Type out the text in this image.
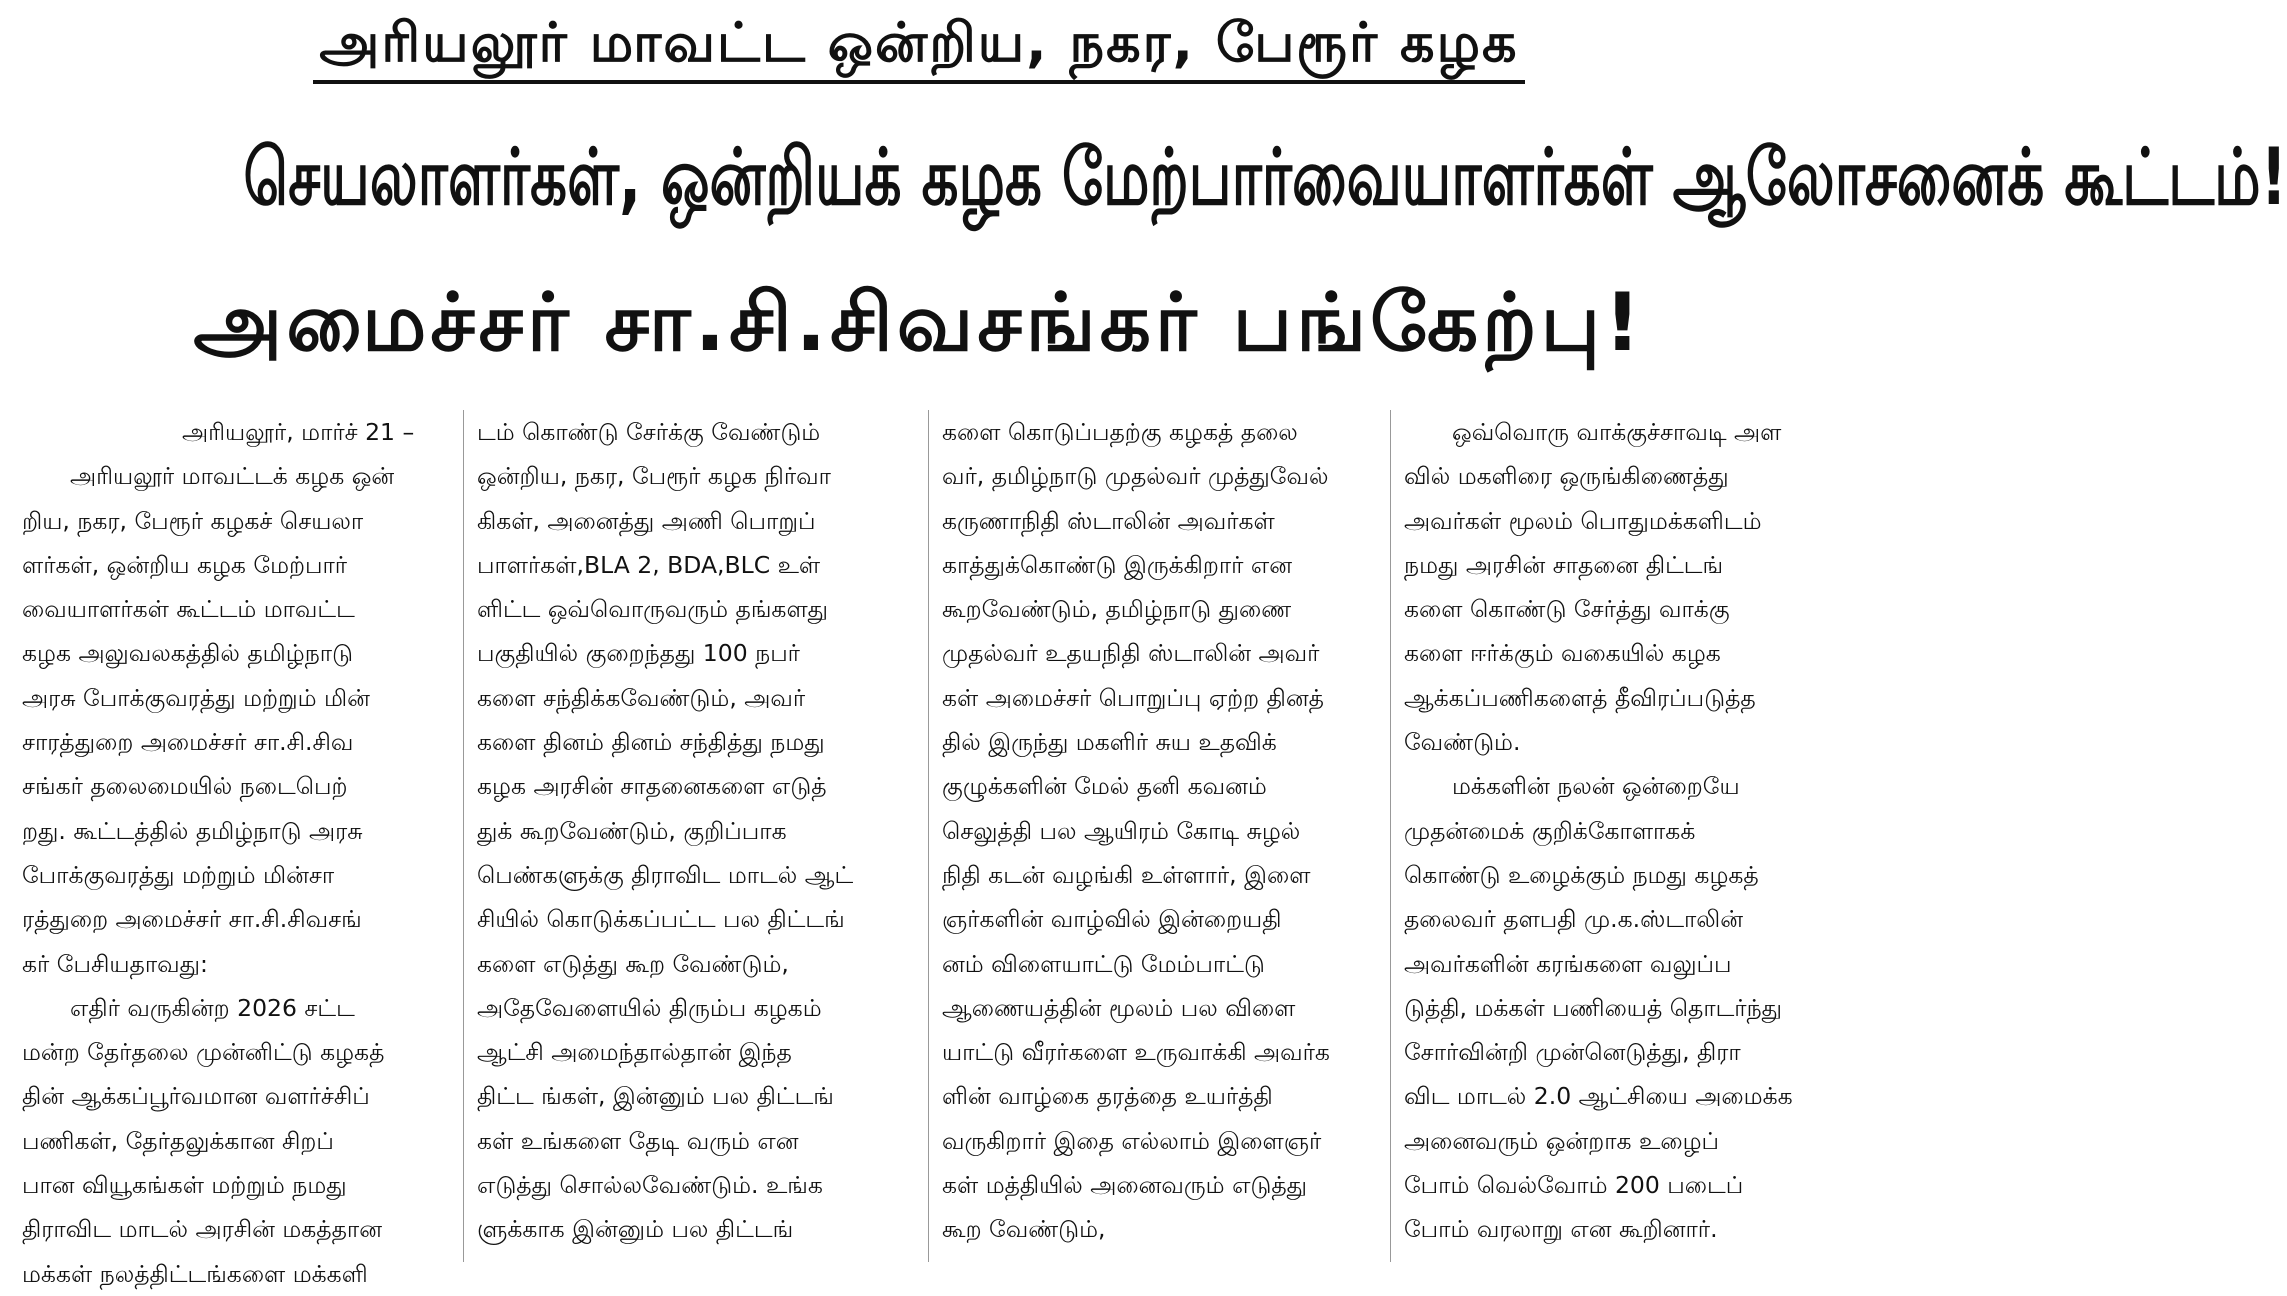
அரியலூர் மாவட்ட ஒன்றிய, நகர, பேரூர் கழக
செயலாளர்கள், ஒன்றியக் கழக மேற்பார்வையாளர்கள் ஆலோசனைக் கூட்டம்!
அமைச்சர் சா.சி.சிவசங்கர் பங்கேற்பு!

அரியலூர், மார்ச் 21 –

அரியலூர் மாவட்டக் கழக ஒன்

றிய, நகர, பேரூர் கழகச் செயலா

ளர்கள், ஒன்றிய கழக மேற்பார்

வையாளர்கள் கூட்டம் மாவட்ட

கழக அலுவலகத்தில் தமிழ்நாடு

அரசு போக்குவரத்து மற்றும் மின்

சாரத்துறை அமைச்சர் சா.சி.சிவ

சங்கர் தலைமையில் நடைபெற்

றது. கூட்டத்தில் தமிழ்நாடு அரசு

போக்குவரத்து மற்றும் மின்சா

ரத்துறை அமைச்சர் சா.சி.சிவசங்

கர் பேசியதாவது:

எதிர் வருகின்ற 2026 சட்ட

மன்ற தேர்தலை முன்னிட்டு கழகத்

தின் ஆக்கப்பூர்வமான வளர்ச்சிப்

பணிகள், தேர்தலுக்கான சிறப்

பான வியூகங்கள் மற்றும் நமது

திராவிட மாடல் அரசின் மகத்தான

மக்கள் நலத்திட்டங்களை மக்களி

டம் கொண்டு சேர்க்கு வேண்டும்

ஒன்றிய, நகர, பேரூர் கழக நிர்வா

கிகள், அனைத்து அணி பொறுப்

பாளர்கள்,BLA 2, BDA,BLC உள்

ளிட்ட ஒவ்வொருவரும் தங்களது

பகுதியில் குறைந்தது 100 நபர்

களை சந்திக்கவேண்டும், அவர்

களை தினம் தினம் சந்தித்து நமது

கழக அரசின் சாதனைகளை எடுத்

துக் கூறவேண்டும், குறிப்பாக

பெண்களுக்கு திராவிட மாடல் ஆட்

சியில் கொடுக்கப்பட்ட பல திட்டங்

களை எடுத்து கூற வேண்டும்,

அதேவேளையில் திரும்ப கழகம்

ஆட்சி அமைந்தால்தான் இந்த

திட்ட ங்கள், இன்னும் பல திட்டங்

கள் உங்களை தேடி வரும் என

எடுத்து சொல்லவேண்டும். உங்க

ளுக்காக இன்னும் பல திட்டங்

களை கொடுப்பதற்கு கழகத் தலை

வர், தமிழ்நாடு முதல்வர் முத்துவேல்

கருணாநிதி ஸ்டாலின் அவர்கள்

காத்துக்கொண்டு இருக்கிறார் என

கூறவேண்டும், தமிழ்நாடு துணை

முதல்வர் உதயநிதி ஸ்டாலின் அவர்

கள் அமைச்சர் பொறுப்பு ஏற்ற தினத்

தில் இருந்து மகளிர் சுய உதவிக்

குழுக்களின் மேல் தனி கவனம்

செலுத்தி பல ஆயிரம் கோடி சுழல்

நிதி கடன் வழங்கி உள்ளார், இளை

ஞர்களின் வாழ்வில் இன்றையதி

னம் விளையாட்டு மேம்பாட்டு

ஆணையத்தின் மூலம் பல விளை

யாட்டு வீரர்களை உருவாக்கி அவர்க

ளின் வாழ்கை தரத்தை உயர்த்தி

வருகிறார் இதை எல்லாம் இளைஞர்

கள் மத்தியில் அனைவரும் எடுத்து

கூற வேண்டும்,

ஒவ்வொரு வாக்குச்சாவடி அள

வில் மகளிரை ஒருங்கிணைத்து

அவர்கள் மூலம் பொதுமக்களிடம்

நமது அரசின் சாதனை திட்டங்

களை கொண்டு சேர்த்து வாக்கு

களை ஈர்க்கும் வகையில் கழக

ஆக்கப்பணிகளைத் தீவிரப்படுத்த

வேண்டும்.

மக்களின் நலன் ஒன்றையே

முதன்மைக் குறிக்கோளாகக்

கொண்டு உழைக்கும் நமது கழகத்

தலைவர் தளபதி மு.க.ஸ்டாலின்

அவர்களின் கரங்களை வலுப்ப

டுத்தி, மக்கள் பணியைத் தொடர்ந்து

சோர்வின்றி முன்னெடுத்து, திரா

விட மாடல் 2.0 ஆட்சியை அமைக்க

அனைவரும் ஒன்றாக உழைப்

போம் வெல்வோம் 200 படைப்

போம் வரலாறு என கூறினார்.
